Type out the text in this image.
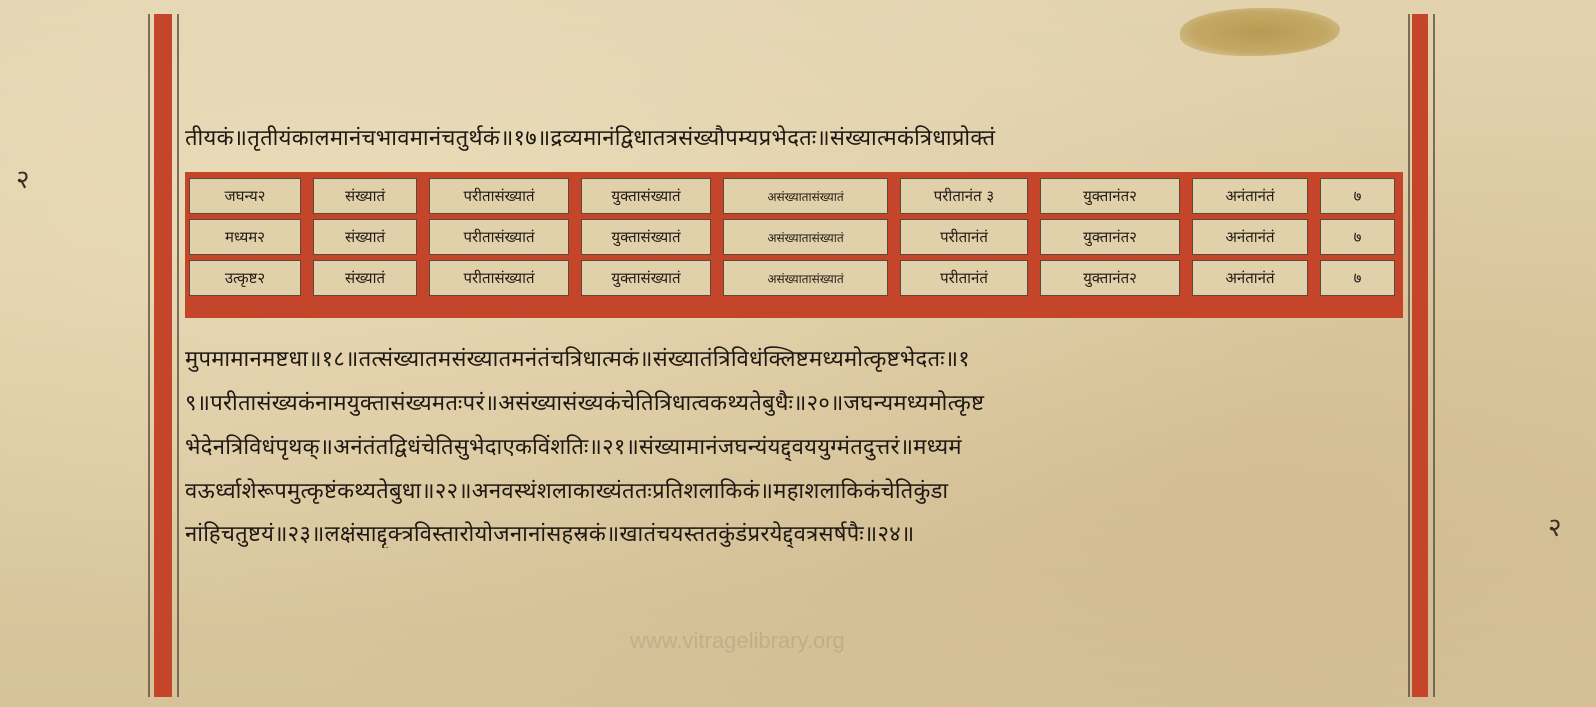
२
२
तीयकं॥तृतीयंकालमानंचभावमानंचतुर्थकं॥१७॥द्रव्यमानंद्विधातत्रसंख्यौपम्यप्रभेदतः॥संख्यात्मकंत्रिधाप्रोक्तं
जघन्य२	संख्यातं	परीतासंख्यातं	युक्तासंख्यातं	असंख्यातासंख्यातं	परीतानंत ३	युक्तानंत२	अनंतानंतं	७
मध्यम२	संख्यातं	परीतासंख्यातं	युक्तासंख्यातं	असंख्यातासंख्यातं	परीतानंतं	युक्तानंत२	अनंतानंतं	७
उत्कृष्ट२	संख्यातं	परीतासंख्यातं	युक्तासंख्यातं	असंख्यातासंख्यातं	परीतानंतं	युक्तानंत२	अनंतानंतं	७
मुपमामानमष्टधा॥१८॥तत्संख्यातमसंख्यातमनंतंचत्रिधात्मकं॥संख्यातंत्रिविधंक्लिष्टमध्यमोत्कृष्टभेदतः॥१
९॥परीतासंख्यकंनामयुक्तासंख्यमतःपरं॥असंख्यासंख्यकंचेतित्रिधात्वकथ्यतेबुधैः॥२०॥जघन्यमध्यमोत्कृष्ट
भेदेनत्रिविधंपृथक्॥अनंतंतद्विधंचेतिसुभेदाएकविंशतिः॥२१॥संख्यामानंजघन्यंयद्द्वययुग्मंतदुत्तरं॥मध्यमं
वऊर्ध्वाशेरूपमुत्कृष्टंकथ्यतेबुधा॥२२॥अनवस्थंशलाकाख्यंततःप्रतिशलाकिकं॥महाशलाकिकंचेतिकुंडा
नांहिचतुष्टयं॥२३॥लक्षंसाद्दृक्त्रविस्तारोयोजनानांसहस्रकं॥खातंचयस्ततकुंडंप्ररयेद्द्वत्रसर्षपैः॥२४॥
www.vitragelibrary.org
